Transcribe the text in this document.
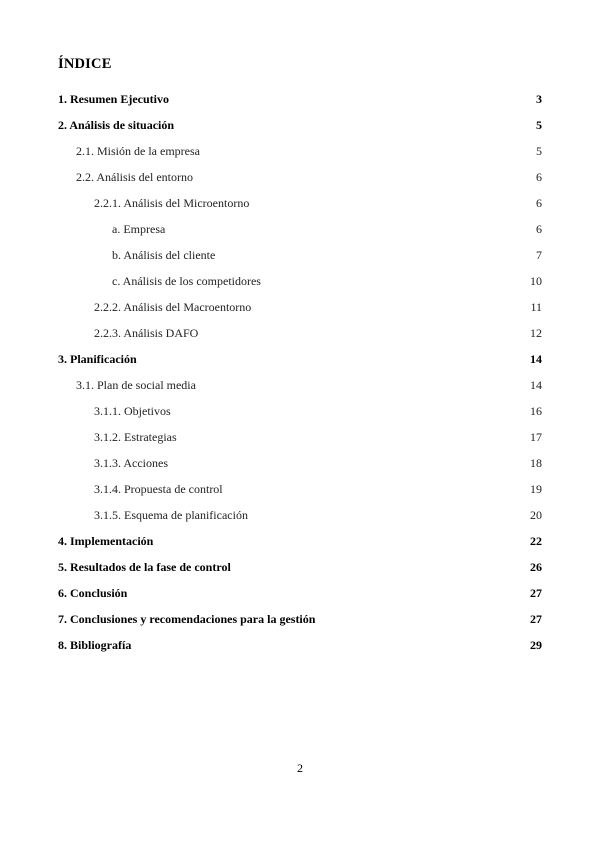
ÍNDICE
1. Resumen Ejecutivo	3
2. Análisis de situación	5
2.1. Misión de la empresa	5
2.2. Análisis del entorno	6
2.2.1. Análisis del Microentorno	6
a. Empresa	6
b. Análisis del cliente	7
c. Análisis de los competidores	10
2.2.2. Análisis del Macroentorno	11
2.2.3. Análisis DAFO	12
3. Planificación	14
3.1. Plan de social media	14
3.1.1. Objetivos	16
3.1.2. Estrategias	17
3.1.3. Acciones	18
3.1.4. Propuesta de control	19
3.1.5. Esquema de planificación	20
4. Implementación	22
5. Resultados de la fase de control	26
6. Conclusión	27
7. Conclusiones y recomendaciones para la gestión	27
8. Bibliografía	29
2
